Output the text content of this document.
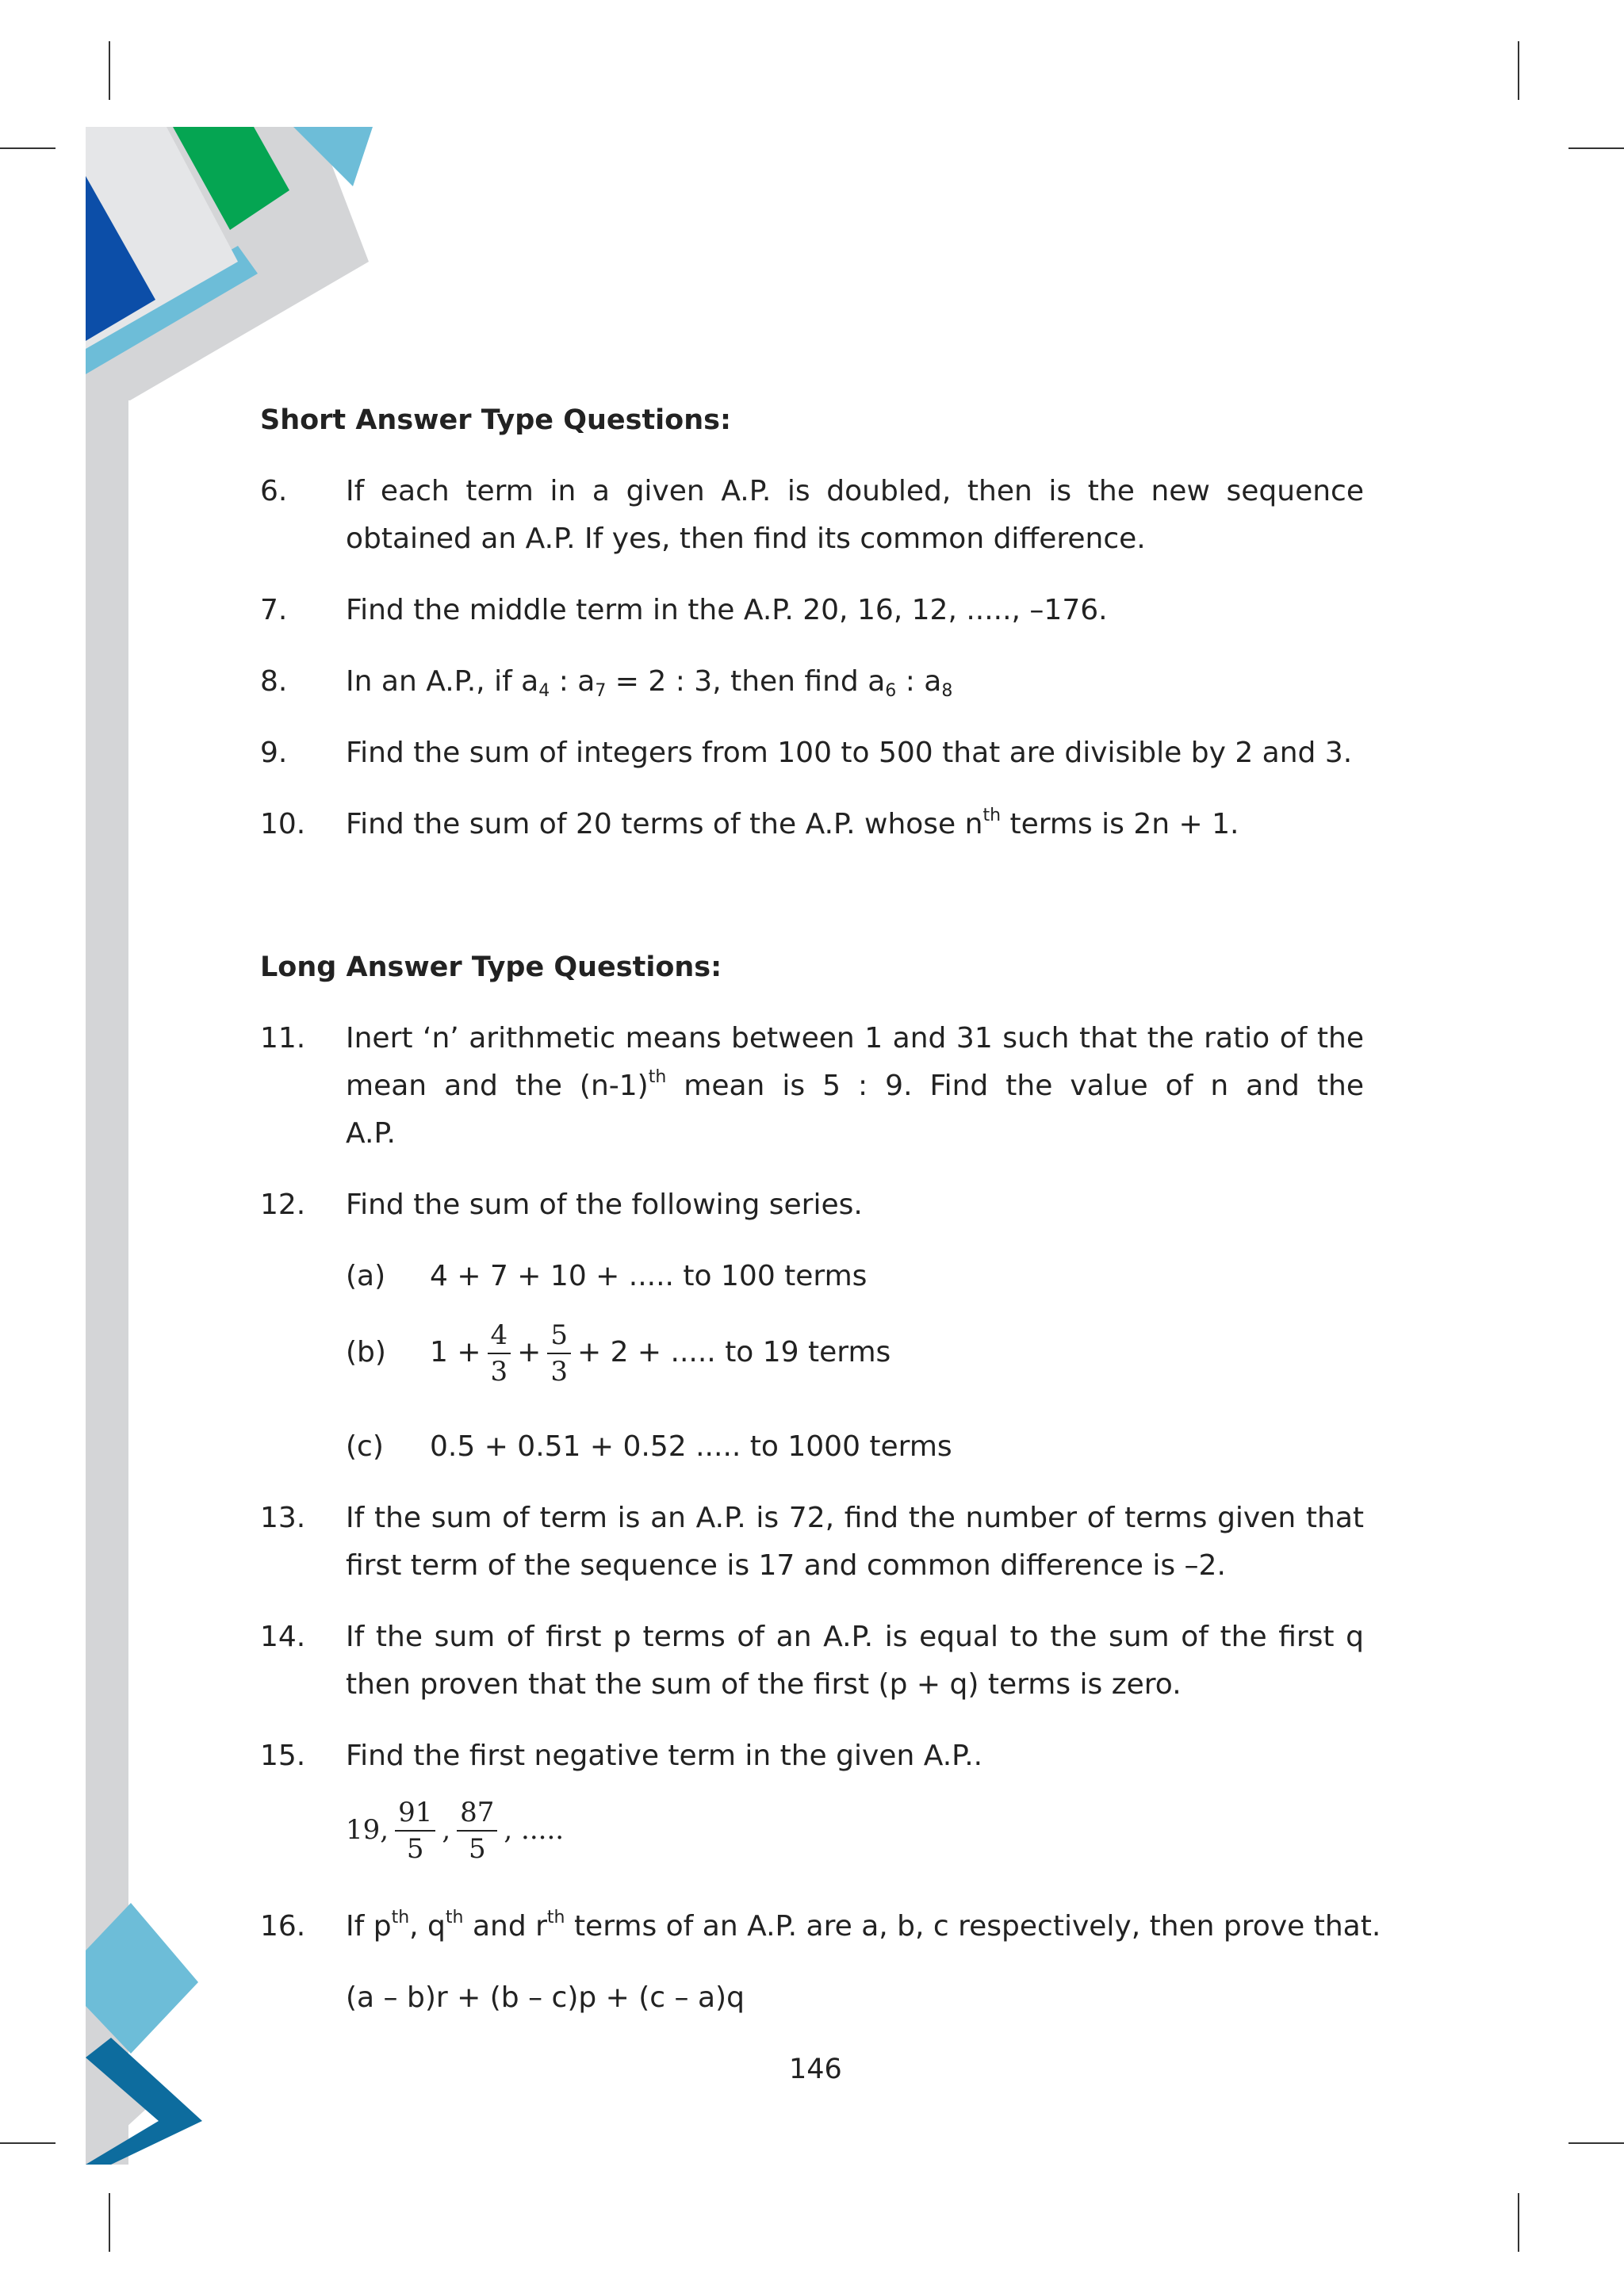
Short Answer Type Questions:
6.	If each term in a given A.P. is doubled, then is the new sequence
obtained an A.P. If yes, then find its common difference.
7.	Find the middle term in the A.P. 20, 16, 12, ....., –176.
8.	In an A.P., if $a_4$ : $a_7 = 2$ : 3, then find $a_6$ : $a_8$
9.	Find the sum of integers from 100 to 500 that are divisible by 2 and 3.
10.	Find the sum of 20 terms of the A.P. whose $n^{th}$ terms is 2n + 1.
Long Answer Type Questions:
11.	Inert ‘n’ arithmetic means between 1 and 31 such that the ratio of the
mean and the $(n-1)^{th}$ mean is 5 : 9. Find the value of n and the
A.P.
12.	Find the sum of the following series.
(a) 4 + 7 + 10 + ..... to 100 terms
(b) $1 + \frac{4}{3} + \frac{5}{3} + 2$ + ..... to 19 terms
(c) 0.5 + 0.51 + 0.52 ..... to 1000 terms
13.	If the sum of term is an A.P. is 72, find the number of terms given that
first term of the sequence is 17 and common difference is –2.
14.	If the sum of first p terms of an A.P. is equal to the sum of the first q
then proven that the sum of the first (p + q) terms is zero.
15.	Find the first negative term in the given A.P..
19, $\frac{91}{5}$ , $\frac{87}{5}$ , .....
16.	If $p^{th}$, $q^{th}$ and $r^{th}$ terms of an A.P. are a, b, c respectively, then prove that.
(a – b)r + (b – c)p + (c – a)q
146
